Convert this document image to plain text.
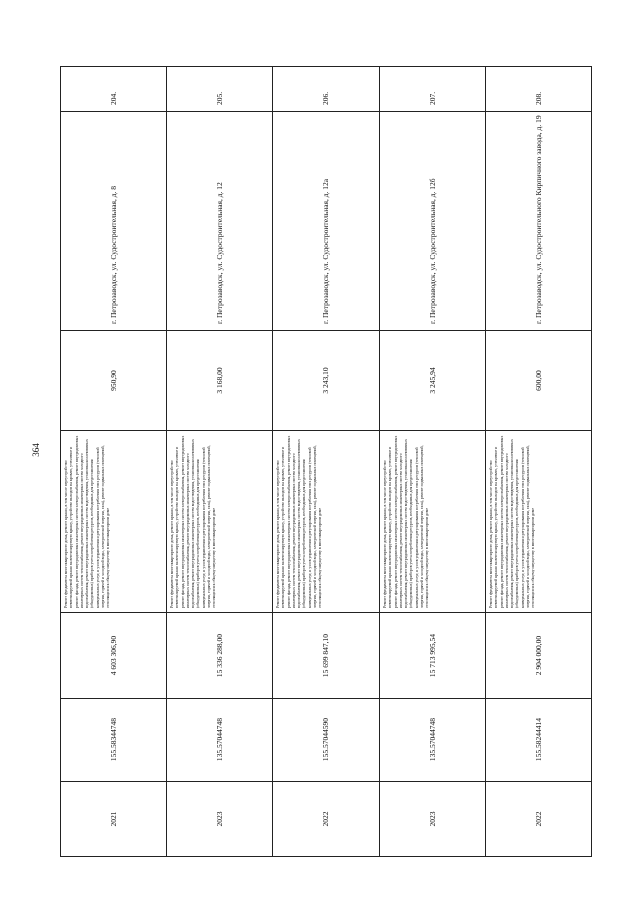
364
204.
г. Петрозаводск, ул. Судостроительная, д. 8
950,90
Ремонт фундамента многоквартирного дома, ремонт крыши, в том числе переустройство невентилируемой крыши на вентилируемую крышу, устройство выходов на кровлю, утепление и ремонт фасада, ремонт внутридомовых инженерных систем электроснабжения, ремонт внутридомовых инженерных систем теплоснабжения, ремонт внутридомовых инженерных систем холодного водоснабжения, ремонт внутридомовых инженерных систем водоотведения, установка коллективных (общедомовых) приборов учета потребления ресурсов, необходимых для предоставления коммунальных услуг, и узлов управления и регулирования потребления этих ресурсов (тепловой энергии, горячей и холодной воды, электрической энергии, газа), ремонт подвальных помещений, относящихся к общему имуществу в многоквартирном доме
4 603 306,90
155.58344748
2021
205.
г. Петрозаводск, ул. Судостроительная, д. 12
3 168,00
Ремонт фундамента многоквартирного дома, ремонт крыши, в том числе переустройство невентилируемой крыши на вентилируемую крышу, устройство выходов на кровлю, утепление и ремонт фасада, ремонт внутридомовых инженерных систем электроснабжения, ремонт внутридомовых инженерных систем теплоснабжения, ремонт внутридомовых инженерных систем холодного водоснабжения, ремонт внутридомовых инженерных систем водоотведения, установка коллективных (общедомовых) приборов учета потребления ресурсов, необходимых для предоставления коммунальных услуг, и узлов управления и регулирования потребления этих ресурсов (тепловой энергии, горячей и холодной воды, электрической энергии, газа), ремонт подвальных помещений, относящихся к общему имуществу в многоквартирном доме
15 336 288,00
135.57044748
2023
206.
г. Петрозаводск, ул. Судостроительная, д. 12а
3 243,10
Ремонт фундамента многоквартирного дома, ремонт крыши, в том числе переустройство невентилируемой крыши на вентилируемую крышу, устройство выходов на кровлю, утепление и ремонт фасада, ремонт внутридомовых инженерных систем электроснабжения, ремонт внутридомовых инженерных систем теплоснабжения, ремонт внутридомовых инженерных систем холодного водоснабжения, ремонт внутридомовых инженерных систем водоотведения, установка коллективных (общедомовых) приборов учета потребления ресурсов, необходимых для предоставления коммунальных услуг, и узлов управления и регулирования потребления этих ресурсов (тепловой энергии, горячей и холодной воды, электрической энергии, газа), ремонт подвальных помещений, относящихся к общему имуществу в многоквартирном доме
15 699 847,10
155.57044590
2022
207.
г. Петрозаводск, ул. Судостроительная, д. 12б
3 245,94
Ремонт фундамента многоквартирного дома, ремонт крыши, в том числе переустройство невентилируемой крыши на вентилируемую крышу, устройство выходов на кровлю, утепление и ремонт фасада, ремонт внутридомовых инженерных систем электроснабжения, ремонт внутридомовых инженерных систем теплоснабжения, ремонт внутридомовых инженерных систем холодного водоснабжения, ремонт внутридомовых инженерных систем водоотведения, установка коллективных (общедомовых) приборов учета потребления ресурсов, необходимых для предоставления коммунальных услуг, и узлов управления и регулирования потребления этих ресурсов (тепловой энергии, горячей и холодной воды, электрической энергии, газа), ремонт подвальных помещений, относящихся к общему имуществу в многоквартирном доме
15 713 995,54
135.57044748
2023
208.
г. Петрозаводск, ул. Судостроительного Кирпичного завода, д. 19
600,00
Ремонт фундамента многоквартирного дома, ремонт крыши, в том числе переустройство невентилируемой крыши на вентилируемую крышу, устройство выходов на кровлю, утепление и ремонт фасада, ремонт внутридомовых инженерных систем электроснабжения, ремонт внутридомовых инженерных систем теплоснабжения, ремонт внутридомовых инженерных систем холодного водоснабжения, ремонт внутридомовых инженерных систем водоотведения, установка коллективных (общедомовых) приборов учета потребления ресурсов, необходимых для предоставления коммунальных услуг, и узлов управления и регулирования потребления этих ресурсов (тепловой энергии, горячей и холодной воды, электрической энергии, газа), ремонт подвальных помещений, относящихся к общему имуществу в многоквартирном доме
2 904 000,00
155.58244414
2022
